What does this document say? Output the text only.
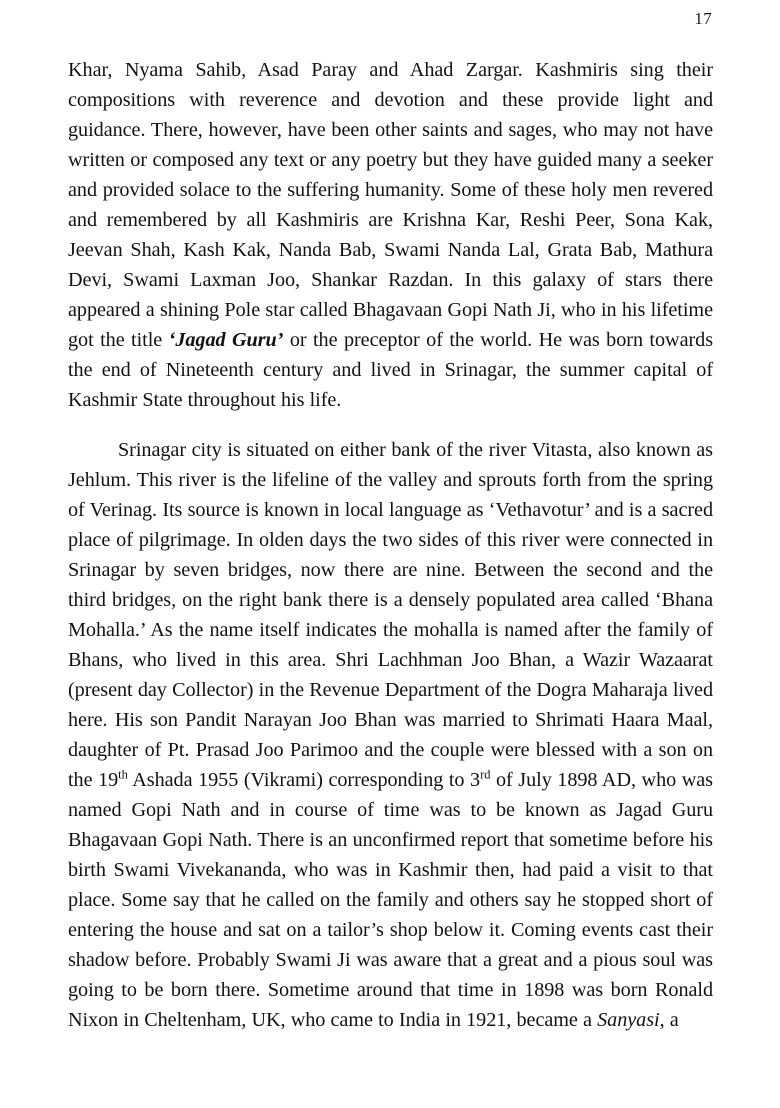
17

Khar, Nyama Sahib, Asad Paray and Ahad Zargar. Kashmiris sing their compositions with reverence and devotion and these provide light and guidance. There, however, have been other saints and sages, who may not have written or composed any text or any poetry but they have guided many a seeker and provided solace to the suffering humanity. Some of these holy men revered and remembered by all Kashmiris are Krishna Kar, Reshi Peer, Sona Kak, Jeevan Shah, Kash Kak, Nanda Bab, Swami Nanda Lal, Grata Bab, Mathura Devi, Swami Laxman Joo, Shankar Razdan. In this galaxy of stars there appeared a shining Pole star called Bhagavaan Gopi Nath Ji, who in his lifetime got the title ‘Jagad Guru’ or the preceptor of the world. He was born towards the end of Nineteenth century and lived in Srinagar, the summer capital of Kashmir State throughout his life.

Srinagar city is situated on either bank of the river Vitasta, also known as Jehlum. This river is the lifeline of the valley and sprouts forth from the spring of Verinag. Its source is known in local language as ‘Vethavotur’ and is a sacred place of pilgrimage. In olden days the two sides of this river were connected in Srinagar by seven bridges, now there are nine. Between the second and the third bridges, on the right bank there is a densely populated area called ‘Bhana Mohalla.’ As the name itself indicates the mohalla is named after the family of Bhans, who lived in this area. Shri Lachhman Joo Bhan, a Wazir Wazaarat (present day Collector) in the Revenue Department of the Dogra Maharaja lived here. His son Pandit Narayan Joo Bhan was married to Shrimati Haara Maal, daughter of Pt. Prasad Joo Parimoo and the couple were blessed with a son on the 19th Ashada 1955 (Vikrami) corresponding to 3rd of July 1898 AD, who was named Gopi Nath and in course of time was to be known as Jagad Guru Bhagavaan Gopi Nath. There is an unconfirmed report that sometime before his birth Swami Vivekananda, who was in Kashmir then, had paid a visit to that place. Some say that he called on the family and others say he stopped short of entering the house and sat on a tailor’s shop below it. Coming events cast their shadow before. Probably Swami Ji was aware that a great and a pious soul was going to be born there. Sometime around that time in 1898 was born Ronald Nixon in Cheltenham, UK, who came to India in 1921, became a Sanyasi, a
